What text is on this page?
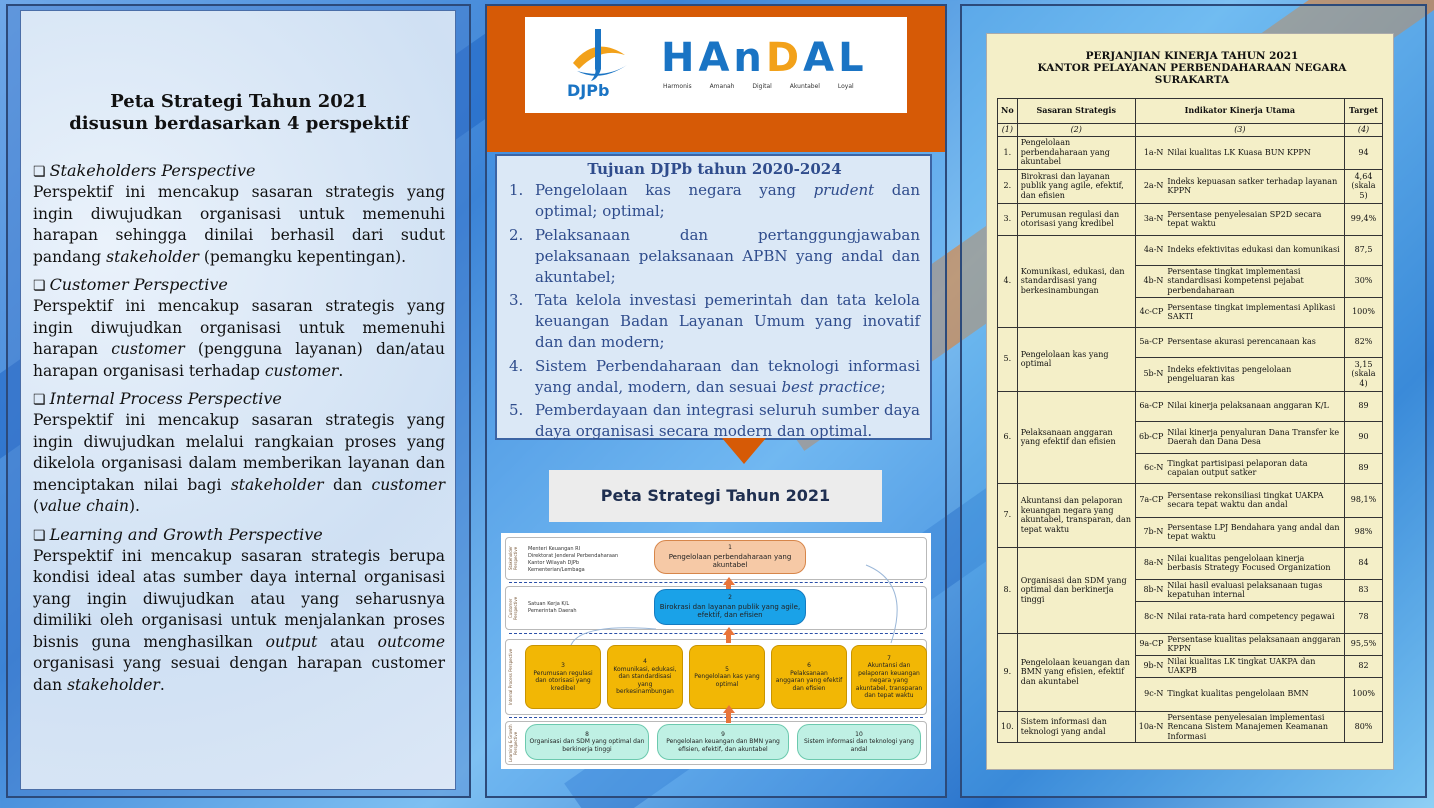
Peta Strategi Tahun 2021
disusun berdasarkan 4 perspektif
❏ Stakeholders Perspective
Perspektif ini mencakup sasaran strategis yang ingin diwujudkan organisasi untuk memenuhi harapan sehingga dinilai berhasil dari sudut pandang stakeholder (pemangku kepentingan).
❏ Customer Perspective
Perspektif ini mencakup sasaran strategis yang ingin diwujudkan organisasi untuk memenuhi harapan customer (pengguna layanan) dan/atau harapan organisasi terhadap customer.
❏ Internal Process Perspective
Perspektif ini mencakup sasaran strategis yang ingin diwujudkan melalui rangkaian proses yang dikelola organisasi dalam memberikan layanan dan menciptakan nilai bagi stakeholder dan customer (value chain).
❏ Learning and Growth Perspective
Perspektif ini mencakup sasaran strategis berupa kondisi ideal atas sumber daya internal organisasi yang ingin diwujudkan atau yang seharusnya dimiliki oleh organisasi untuk menjalankan proses bisnis guna menghasilkan output atau outcome organisasi yang sesuai dengan harapan customer dan stakeholder.
DJPb
HAnDAL
Harmonis Amanah Digital Akuntabel Loyal
Tujuan DJPb tahun 2020-2024
1. Pengelolaan kas negara yang prudent dan optimal; optimal;
2. Pelaksanaan dan pertanggungjawaban pelaksanaan pelaksanaan APBN yang andal dan akuntabel;
3. Tata kelola investasi pemerintah dan tata kelola keuangan Badan Layanan Umum yang inovatif dan dan modern;
4. Sistem Perbendaharaan dan teknologi informasi yang andal, modern, dan sesuai best practice;
5. Pemberdayaan dan integrasi seluruh sumber daya daya organisasi secara modern dan optimal.
Peta Strategi Tahun 2021
Stakeholder Perspective	Menteri Keuangan RI
Direktorat Jenderal Perbendaharaan
Kantor Wilayah DJPb
Kementerian/Lembaga
1
Pengelolaan perbendaharaan yang akuntabel
Customer Perspective	Satuan Kerja K/L
Pemerintah Daerah
2
Birokrasi dan layanan publik yang agile, efektif, dan efisien
Internal Process Perspective	3
Perumusan regulasi dan otorisasi yang kredibel
4
Komunikasi, edukasi, dan standardisasi yang berkesinambungan
5
Pengelolaan kas yang optimal
6
Pelaksanaan anggaran yang efektif dan efisien
7
Akuntansi dan pelaporan keuangan negara yang akuntabel, transparan dan tepat waktu
Learning & Growth Perspective	8
Organisasi dan SDM yang optimal dan berkinerja tinggi
9
Pengelolaan keuangan dan BMN yang efisien, efektif, dan akuntabel
10
Sistem informasi dan teknologi yang andal
PERJANJIAN KINERJA TAHUN 2021
KANTOR PELAYANAN PERBENDAHARAAN NEGARA
SURAKARTA
No	Sasaran Strategis	Indikator Kinerja Utama		Target
(1)	(2)	(3)		(4)
1.	Pengelolaan perbendaharaan yang akuntabel	1a-N	Nilai kualitas LK Kuasa BUN KPPN	94
2.	Birokrasi dan layanan publik yang agile, efektif, dan efisien	2a-N	Indeks kepuasan satker terhadap layanan KPPN	4,64 (skala 5)
3.	Perumusan regulasi dan otorisasi yang kredibel	3a-N	Persentase penyelesaian SP2D secara tepat waktu	99,4%
4.	Komunikasi, edukasi, dan standardisasi yang berkesinambungan	4a-N	Indeks efektivitas edukasi dan komunikasi	87,5
		4b-N	Persentase tingkat implementasi standardisasi kompetensi pejabat perbendaharaan	30%
		4c-CP	Persentase tingkat implementasi Aplikasi SAKTI	100%
5.	Pengelolaan kas yang optimal	5a-CP	Persentase akurasi perencanaan kas	82%
		5b-N	Indeks efektivitas pengelolaan pengeluaran kas	3,15 (skala 4)
6.	Pelaksanaan anggaran yang efektif dan efisien	6a-CP	Nilai kinerja pelaksanaan anggaran K/L	89
		6b-CP	Nilai kinerja penyaluran Dana Transfer ke Daerah dan Dana Desa	90
		6c-N	Tingkat partisipasi pelaporan data capaian output satker	89
7.	Akuntansi dan pelaporan keuangan negara yang akuntabel, transparan, dan tepat waktu	7a-CP	Persentase rekonsiliasi tingkat UAKPA secara tepat waktu dan andal	98,1%
		7b-N	Persentase LPJ Bendahara yang andal dan tepat waktu	98%
8.	Organisasi dan SDM yang optimal dan berkinerja tinggi	8a-N	Nilai kualitas pengelolaan kinerja berbasis Strategy Focused Organization	84
		8b-N	Nilai hasil evaluasi pelaksanaan tugas kepatuhan internal	83
		8c-N	Nilai rata-rata hard competency pegawai	78
9.	Pengelolaan keuangan dan BMN yang efisien, efektif dan akuntabel	9a-CP	Persentase kualitas pelaksanaan anggaran KPPN	95,5%
		9b-N	Nilai kualitas LK tingkat UAKPA dan UAKPB	82
		9c-N	Tingkat kualitas pengelolaan BMN	100%
10.	Sistem informasi dan teknologi yang andal	10a-N	Persentase penyelesaian implementasi Rencana Sistem Manajemen Keamanan Informasi	80%
